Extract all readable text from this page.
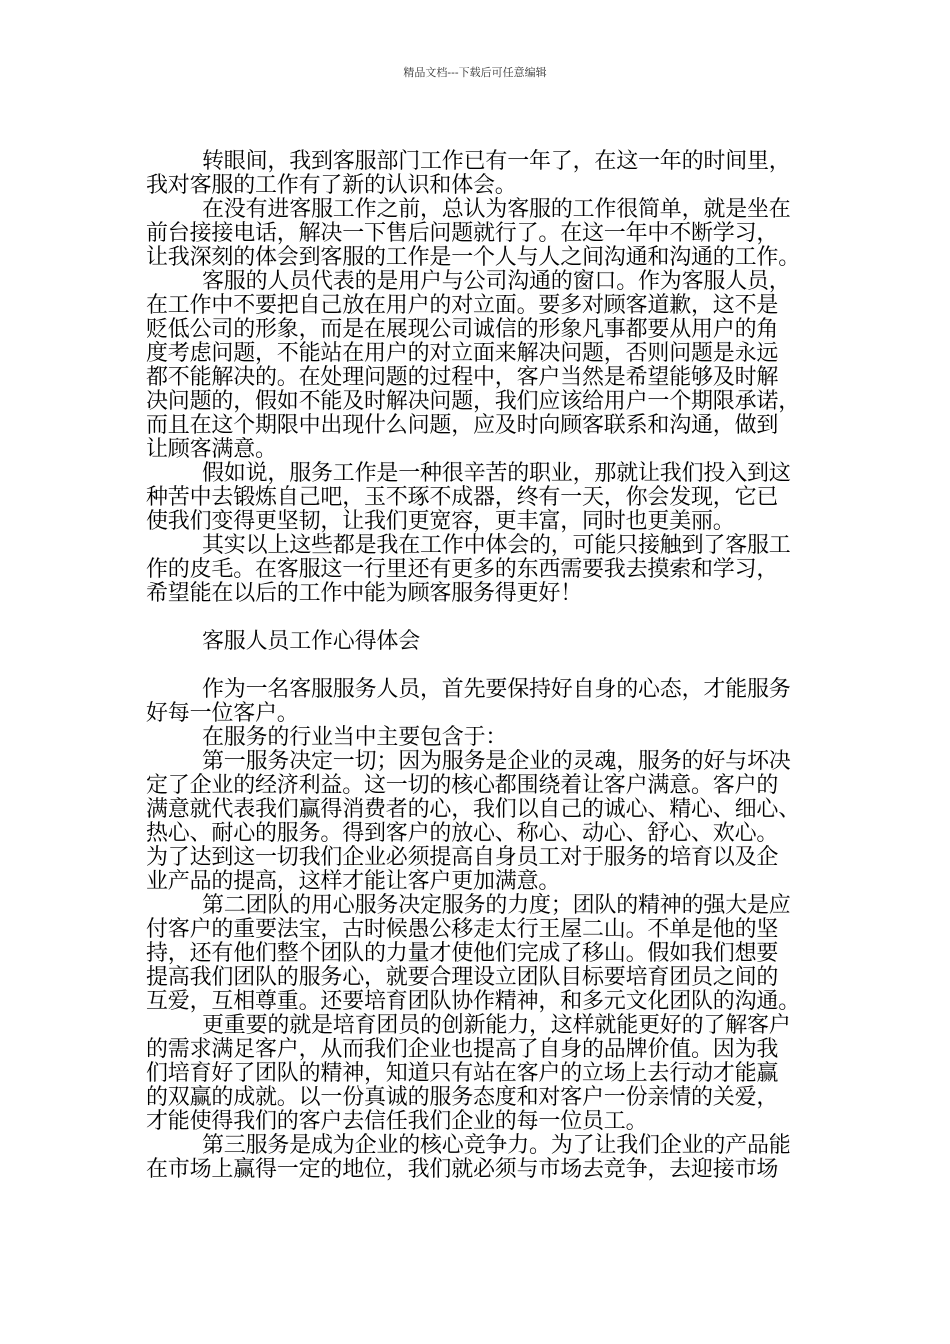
精品文档---下载后可任意编辑

转眼间，我到客服部门工作已有一年了，在这一年的时间里，

我对客服的工作有了新的认识和体会。

在没有进客服工作之前，总认为客服的工作很简单，就是坐在

前台接接电话，解决一下售后问题就行了。在这一年中不断学习，

让我深刻的体会到客服的工作是一个人与人之间沟通和沟通的工作。

客服的人员代表的是用户与公司沟通的窗口。作为客服人员，

在工作中不要把自己放在用户的对立面。要多对顾客道歉，这不是

贬低公司的形象，而是在展现公司诚信的形象凡事都要从用户的角

度考虑问题，不能站在用户的对立面来解决问题，否则问题是永远

都不能解决的。在处理问题的过程中，客户当然是希望能够及时解

决问题的，假如不能及时解决问题，我们应该给用户一个期限承诺，

而且在这个期限中出现什么问题，应及时向顾客联系和沟通，做到

让顾客满意。

假如说，服务工作是一种很辛苦的职业，那就让我们投入到这

种苦中去锻炼自己吧，玉不琢不成器，终有一天，你会发现，它已

使我们变得更坚韧，让我们更宽容，更丰富，同时也更美丽。

其实以上这些都是我在工作中体会的，可能只接触到了客服工

作的皮毛。在客服这一行里还有更多的东西需要我去摸索和学习，

希望能在以后的工作中能为顾客服务得更好！

客服人员工作心得体会

作为一名客服服务人员，首先要保持好自身的心态，才能服务

好每一位客户。

在服务的行业当中主要包含于：

第一服务决定一切；因为服务是企业的灵魂，服务的好与坏决

定了企业的经济利益。这一切的核心都围绕着让客户满意。客户的

满意就代表我们赢得消费者的心，我们以自己的诚心、精心、细心、

热心、耐心的服务。得到客户的放心、称心、动心、舒心、欢心。

为了达到这一切我们企业必须提高自身员工对于服务的培育以及企

业产品的提高，这样才能让客户更加满意。

第二团队的用心服务决定服务的力度；团队的精神的强大是应

付客户的重要法宝，古时候愚公移走太行王屋二山。不单是他的坚

持，还有他们整个团队的力量才使他们完成了移山。假如我们想要

提高我们团队的服务心，就要合理设立团队目标要培育团员之间的

互爱，互相尊重。还要培育团队协作精神，和多元文化团队的沟通。

更重要的就是培育团员的创新能力，这样就能更好的了解客户

的需求满足客户，从而我们企业也提高了自身的品牌价值。因为我

们培育好了团队的精神，知道只有站在客户的立场上去行动才能赢

的双赢的成就。以一份真诚的服务态度和对客户一份亲情的关爱，

才能使得我们的客户去信任我们企业的每一位员工。

第三服务是成为企业的核心竞争力。为了让我们企业的产品能

在市场上赢得一定的地位，我们就必须与市场去竞争，去迎接市场
